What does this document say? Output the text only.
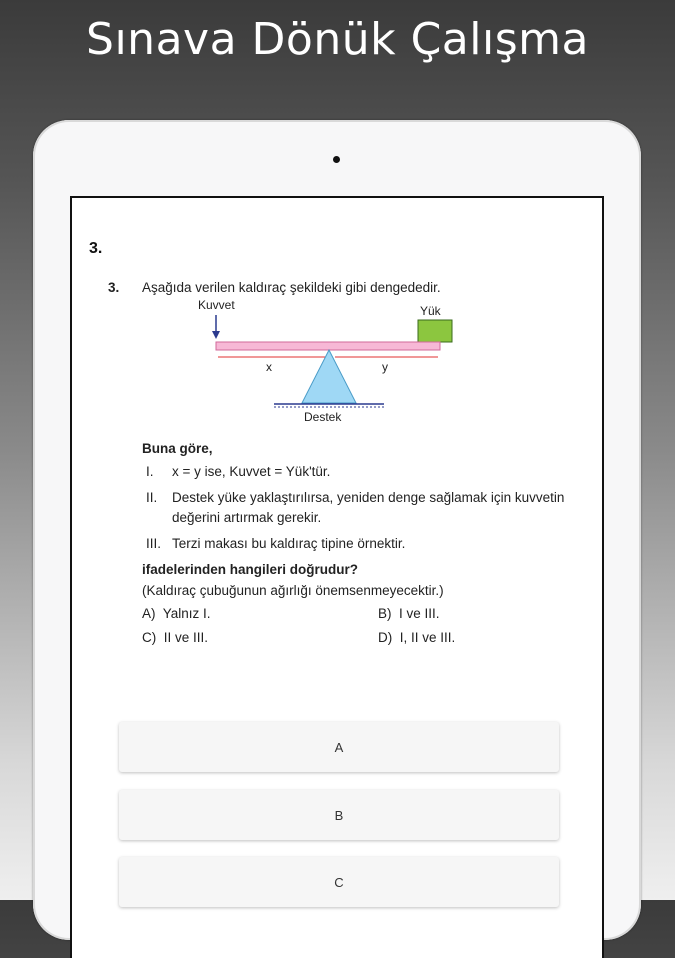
Sınava Dönük Çalışma
3.
3.	Aşağıda verilen kaldıraç şekildeki gibi dengededir.
Kuvvet	Yük
x	y
Destek
Buna göre,
I.	x = y ise, Kuvvet = Yük'tür.
II.	Destek yüke yaklaştırılırsa, yeniden denge sağlamak için kuvvetin değerini artırmak gerekir.
III. Terzi makası bu kaldıraç tipine örnektir.
ifadelerinden hangileri doğrudur?
(Kaldıraç çubuğunun ağırlığı önemsenmeyecektir.)
A) Yalnız I.	B) I ve III.
C) II ve III.	D) I, II ve III.
A
B
C
